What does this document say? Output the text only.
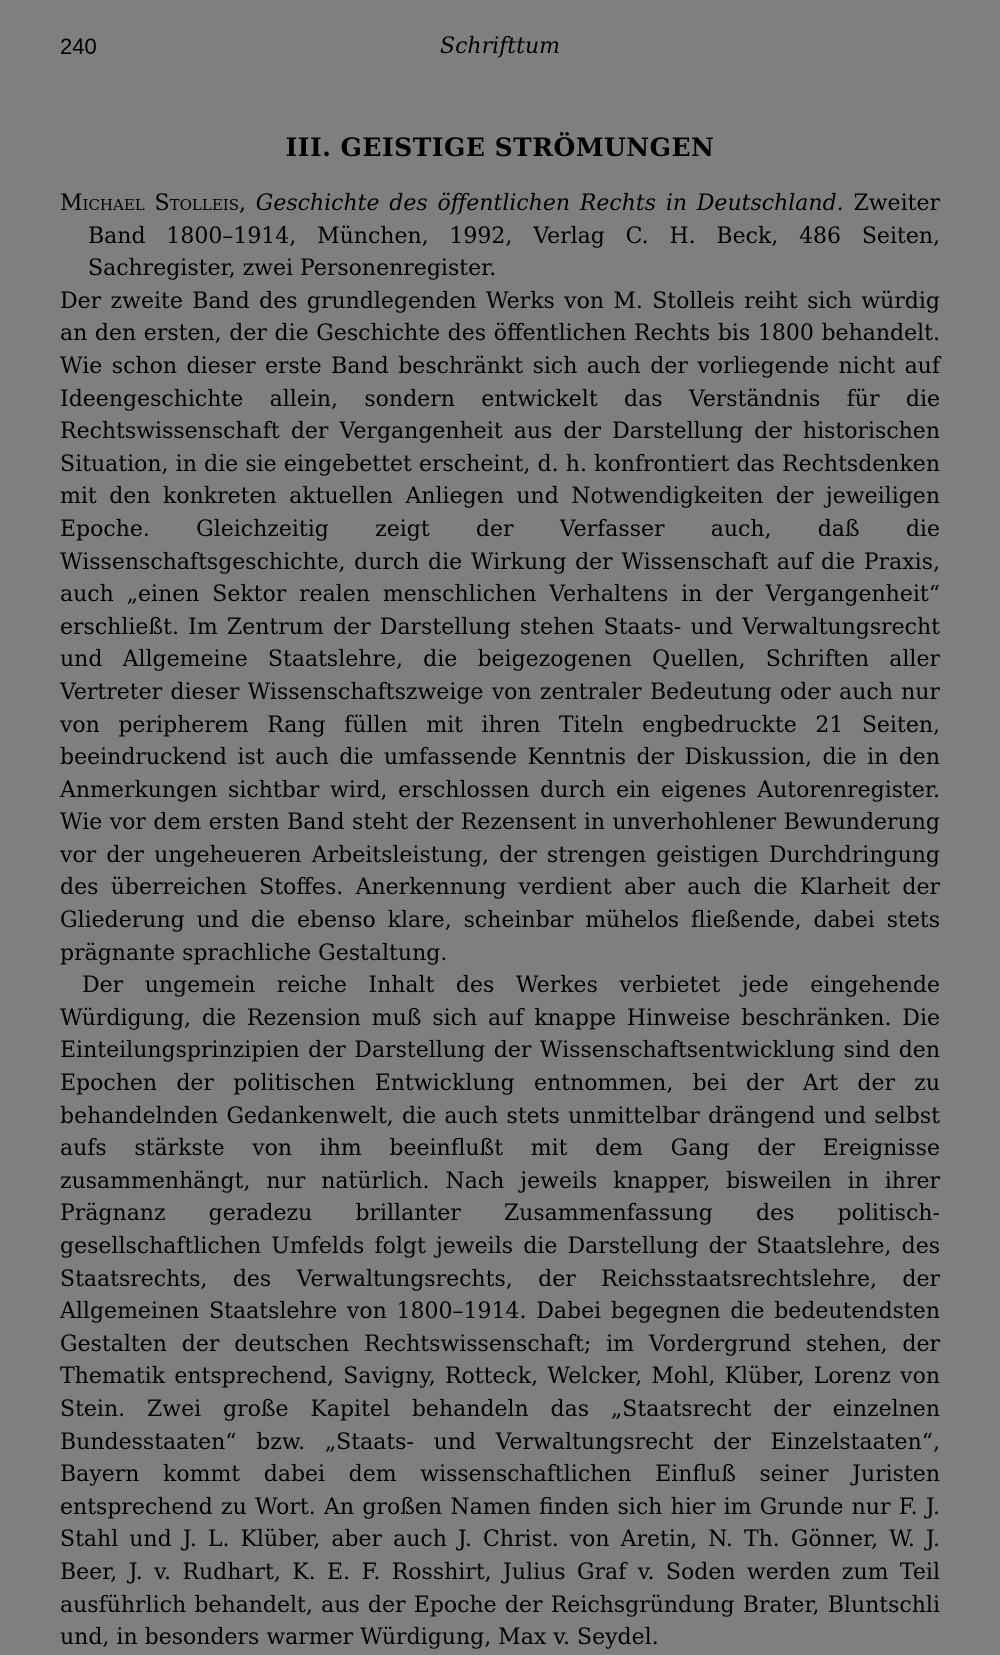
240	Schrifttum
III. GEISTIGE STRÖMUNGEN

Michael Stolleis, Geschichte des öffentlichen Rechts in Deutschland. Zweiter Band 1800–1914, München, 1992, Verlag C. H. Beck, 486 Seiten, Sachregister, zwei Personenregister.

Der zweite Band des grundlegenden Werks von M. Stolleis reiht sich würdig an den ersten, der die Geschichte des öffentlichen Rechts bis 1800 behandelt. Wie schon dieser erste Band beschränkt sich auch der vorliegende nicht auf Ideengeschichte allein, sondern entwickelt das Verständnis für die Rechtswissenschaft der Vergangenheit aus der Darstellung der historischen Situation, in die sie eingebettet erscheint, d. h. konfrontiert das Rechtsdenken mit den konkreten aktuellen Anliegen und Notwendigkeiten der jeweiligen Epoche. Gleichzeitig zeigt der Verfasser auch, daß die Wissenschaftsgeschichte, durch die Wirkung der Wissenschaft auf die Praxis, auch „einen Sektor realen menschlichen Verhaltens in der Vergangenheit“ erschließt. Im Zentrum der Darstellung stehen Staats- und Verwaltungsrecht und Allgemeine Staatslehre, die beigezogenen Quellen, Schriften aller Vertreter dieser Wissenschaftszweige von zentraler Bedeutung oder auch nur von peripherem Rang füllen mit ihren Titeln engbedruckte 21 Seiten, beeindruckend ist auch die umfassende Kenntnis der Diskussion, die in den Anmerkungen sichtbar wird, erschlossen durch ein eigenes Autorenregister. Wie vor dem ersten Band steht der Rezensent in unverhohlener Bewunderung vor der ungeheueren Arbeitsleistung, der strengen geistigen Durchdringung des überreichen Stoffes. Anerkennung verdient aber auch die Klarheit der Gliederung und die ebenso klare, scheinbar mühelos fließende, dabei stets prägnante sprachliche Gestaltung.

Der ungemein reiche Inhalt des Werkes verbietet jede eingehende Würdigung, die Rezension muß sich auf knappe Hinweise beschränken. Die Einteilungsprinzipien der Darstellung der Wissenschaftsentwicklung sind den Epochen der politischen Entwicklung entnommen, bei der Art der zu behandelnden Gedankenwelt, die auch stets unmittelbar drängend und selbst aufs stärkste von ihm beeinflußt mit dem Gang der Ereignisse zusammenhängt, nur natürlich. Nach jeweils knapper, bisweilen in ihrer Prägnanz geradezu brillanter Zusammenfassung des politisch-gesellschaftlichen Umfelds folgt jeweils die Darstellung der Staatslehre, des Staatsrechts, des Verwaltungsrechts, der Reichsstaatsrechtslehre, der Allgemeinen Staatslehre von 1800–1914. Dabei begegnen die bedeutendsten Gestalten der deutschen Rechtswissenschaft; im Vordergrund stehen, der Thematik entsprechend, Savigny, Rotteck, Welcker, Mohl, Klüber, Lorenz von Stein. Zwei große Kapitel behandeln das „Staatsrecht der einzelnen Bundesstaaten“ bzw. „Staats- und Verwaltungsrecht der Einzelstaaten“, Bayern kommt dabei dem wissenschaftlichen Einfluß seiner Juristen entsprechend zu Wort. An großen Namen finden sich hier im Grunde nur F. J. Stahl und J. L. Klüber, aber auch J. Christ. von Aretin, N. Th. Gönner, W. J. Beer, J. v. Rudhart, K. E. F. Rosshirt, Julius Graf v. Soden werden zum Teil ausführlich behandelt, aus der Epoche der Reichsgründung Brater, Bluntschli und, in besonders warmer Würdigung, Max v. Seydel.
